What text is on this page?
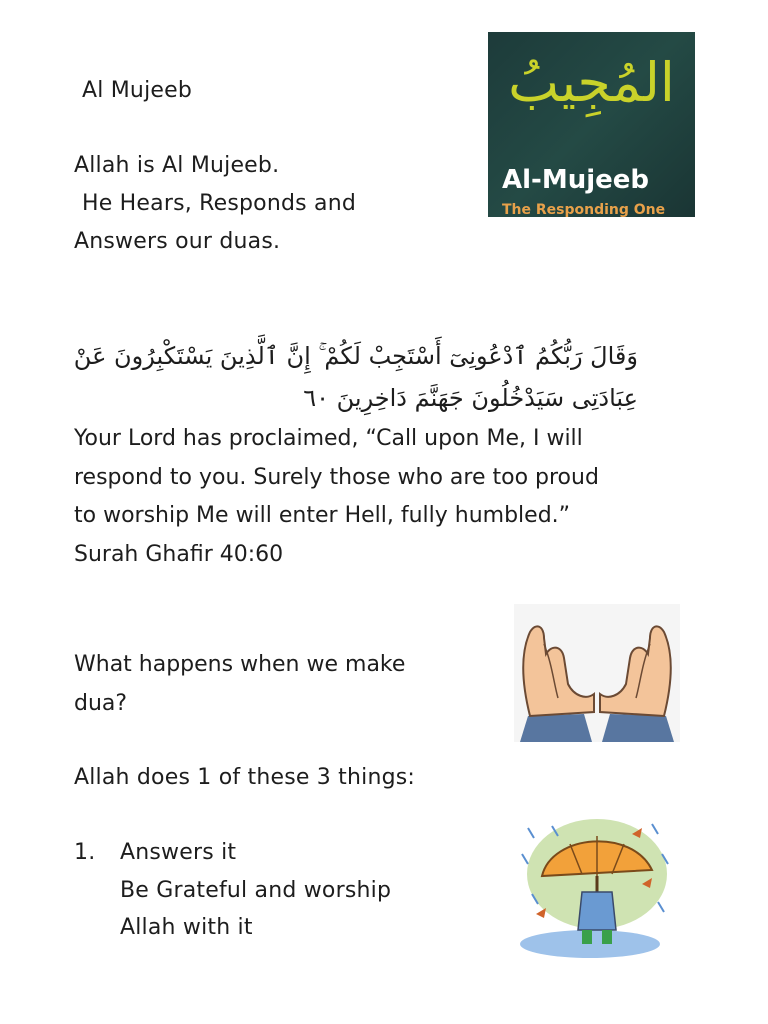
Al Mujeeb

Allah is Al Mujeeb.

He Hears, Responds and

Answers our duas.

المُجِيبُ
Al-Mujeeb
The Responding One

وَقَالَ رَبُّكُمُ ٱدْعُونِىٓ أَسْتَجِبْ لَكُمْ ۚ إِنَّ ٱلَّذِينَ يَسْتَكْبِرُونَ عَنْ عِبَادَتِى سَيَدْخُلُونَ جَهَنَّمَ دَاخِرِينَ ٦٠

Your Lord has proclaimed, “Call upon Me, I will
respond to you. Surely those who are too proud
to worship Me will enter Hell, fully humbled.”
Surah Ghafir 40:60
What happens when we make
dua?

Allah does 1 of these 3 things:

1. Answers it

Be Grateful and worship

Allah with it
